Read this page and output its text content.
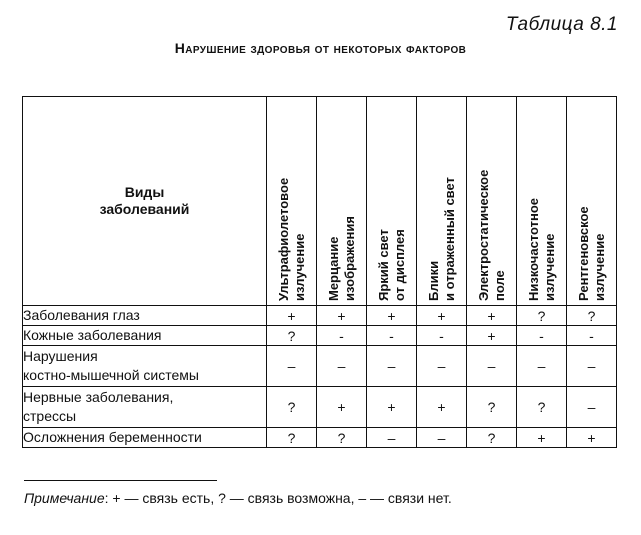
Таблица 8.1
Нарушение здоровья от некоторых факторов
Виды
заболеваний	Ультрафиолетовое излучение	Мерцание изображения	Яркий свет от дисплея	Блики и отраженный свет	Электростатическое поле	Низкочастотное излучение	Рентгеновское излучение

Заболевания глаз	+	+	+	+	+	?	?
Кожные заболевания	?	-	-	-	+	-	-
Нарушения
костно-мышечной системы	–	–	–	–	–	–	–
Нервные заболевания,
стрессы	?	+	+	+	?	?	–
Осложнения беременности	?	?	–	–	?	+	+
Примечание: + — связь есть, ? — связь возможна, – — связи нет.
